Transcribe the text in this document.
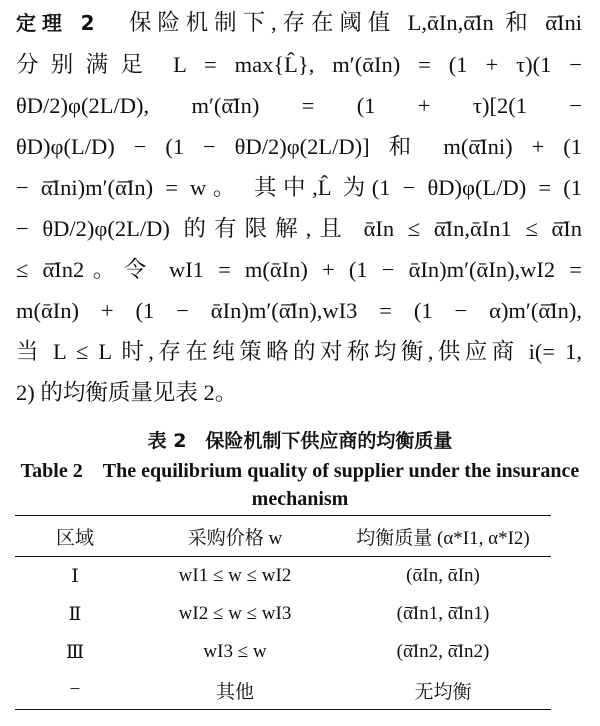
定理 2　 保险机制下,存在阈值 L,ᾱIn,ᾱ̄In 和 ᾱ̄Ini
分别满足 L = max{L̂}, m′(ᾱIn) = (1 + τ)(1 −
θD/2)φ(2L/D), m′(ᾱ̄In) = (1 + τ)[2(1 −
θD)φ(L/D) − (1 − θD/2)φ(2L/D)] 和 m(ᾱ̄Ini) + (1
− ᾱ̄Ini)m′(ᾱ̄In) = w。 其中,L̂ 为(1 − θD)φ(L/D) = (1
− θD/2)φ(2L/D) 的有限解,且 ᾱIn ≤ ᾱ̄In,ᾱIn1 ≤ ᾱ̄In
≤ ᾱ̄In2。令 wI1 = m(ᾱIn) + (1 − ᾱIn)m′(ᾱIn),wI2 =
m(ᾱIn) + (1 − ᾱIn)m′(ᾱ̄In),wI3 = (1 − α)m′(ᾱ̄In),
当 L ≤ L 时,存在纯策略的对称均衡,供应商 i(= 1,
2) 的均衡质量见表 2。
表 2　保险机制下供应商的均衡质量
Table 2　The equilibrium quality of supplier under the insurance mechanism
区域	采购价格 w	均衡质量 (α*I1, α*I2)
Ⅰ	wI1 ≤ w ≤ wI2	(ᾱIn, ᾱIn)
Ⅱ	wI2 ≤ w ≤ wI3	(ᾱ̄In1, ᾱ̄In1)
Ⅲ	wI3 ≤ w	(ᾱ̄In2, ᾱ̄In2)
−	其他	无均衡
